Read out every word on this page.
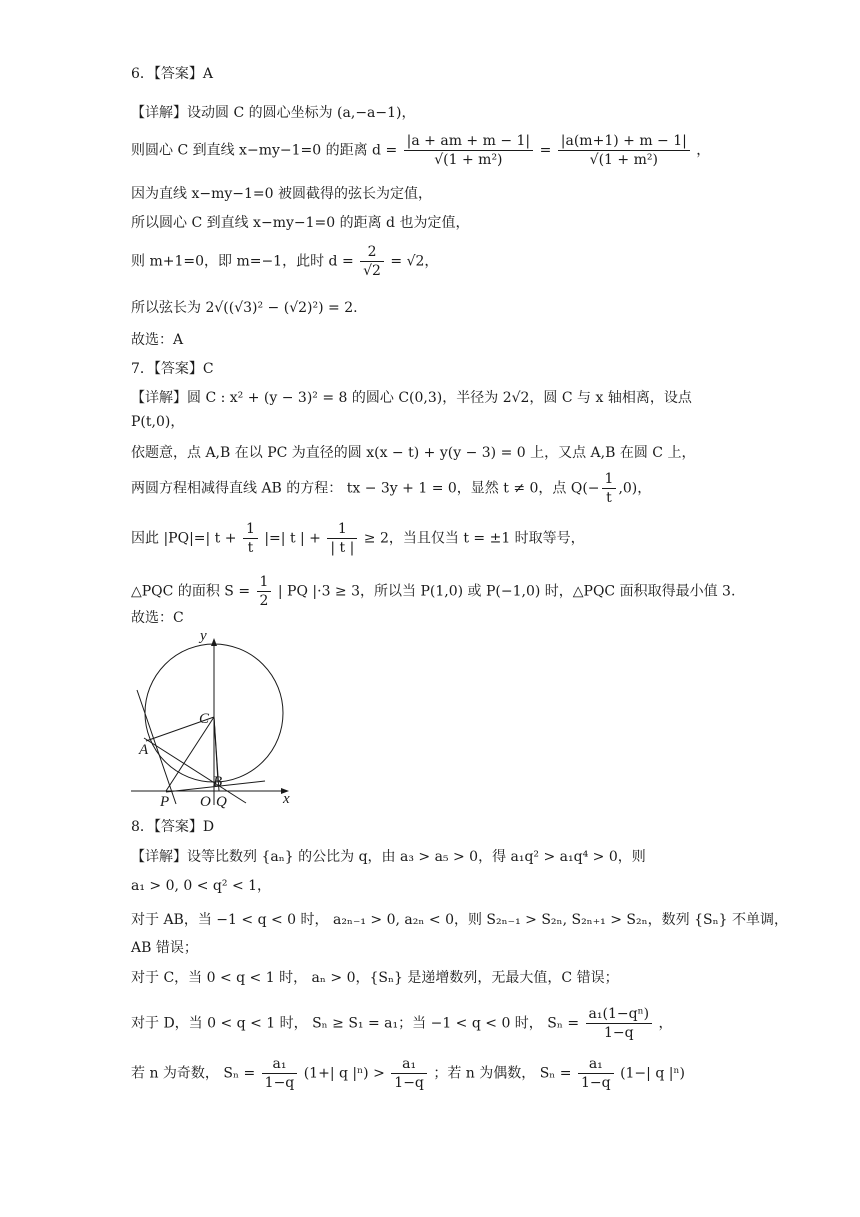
6．【答案】A
【详解】设动圆 C 的圆心坐标为 (a,−a−1)，
则圆心 C 到直线 x−my−1=0 的距离 $d = \frac{|a + am + m - 1|}{\text{√(1 + m²)}} = \frac{|a(m+1) + m - 1|}{\text{√(1 + m²)}}$ ，
因为直线 x−my−1=0 被圆截得的弦长为定值，
所以圆心 C 到直线 x−my−1=0 的距离 d 也为定值，
则 m+1=0，即 m=−1，此时 $d = \frac{2}{√2} = √2$，
所以弦长为 2√((√3)² − (√2)²) = 2.
故选：A
7．【答案】C
【详解】圆 C : x² + (y − 3)² = 8 的圆心 C(0,3)，半径为 2√2，圆 C 与 x 轴相离，设点
P(t,0)，
依题意，点 A,B 在以 PC 为直径的圆 x(x − t) + y(y − 3) = 0 上，又点 A,B 在圆 C 上，
两圆方程相减得直线 AB 的方程： tx − 3y + 1 = 0，显然 t ≠ 0，点 $Q(- \frac{1}{t} ,0)$，
因此 |PQ|=| $t + \frac{1}{t}$ |=| t | + $\frac{1}{| t |} \ge 2$，当且仅当 t = ±1 时取等号，
△PQC 的面积 $S = \frac{1}{2}$ | PQ |·3 ≥ 3，所以当 P(1,0) 或 P(−1,0) 时，△PQC 面积取得最小值 3.
故选：C
y
x
C
A
B
P O Q
8．【答案】D
【详解】设等比数列 {aₙ} 的公比为 q，由 a₃ > a₅ > 0，得 a₁q² > a₁q⁴ > 0，则
a₁ > 0, 0 < q² < 1，
对于 AB，当 −1 < q < 0 时， a₂ₙ₋₁ > 0, a₂ₙ < 0，则 S₂ₙ₋₁ > S₂ₙ, S₂ₙ₊₁ > S₂ₙ，数列 {Sₙ} 不单调，
AB 错误；
对于 C，当 0 < q < 1 时， aₙ > 0，{Sₙ} 是递增数列，无最大值，C 错误；
对于 D，当 0 < q < 1 时， Sₙ ≥ S₁ = a₁；当 −1 < q < 0 时， $S_n = \frac{\text{a₁(1−qⁿ)}}{1-q}$ ，
若 n 为奇数， $S_n = \frac{\text{a₁}}{1-q} (1+|$ q $|^n) > \frac{\text{a₁}}{1-q}$ ；若 n 为偶数， $S_n = \frac{\text{a₁}}{1-q} (1-|$ q |ⁿ)
